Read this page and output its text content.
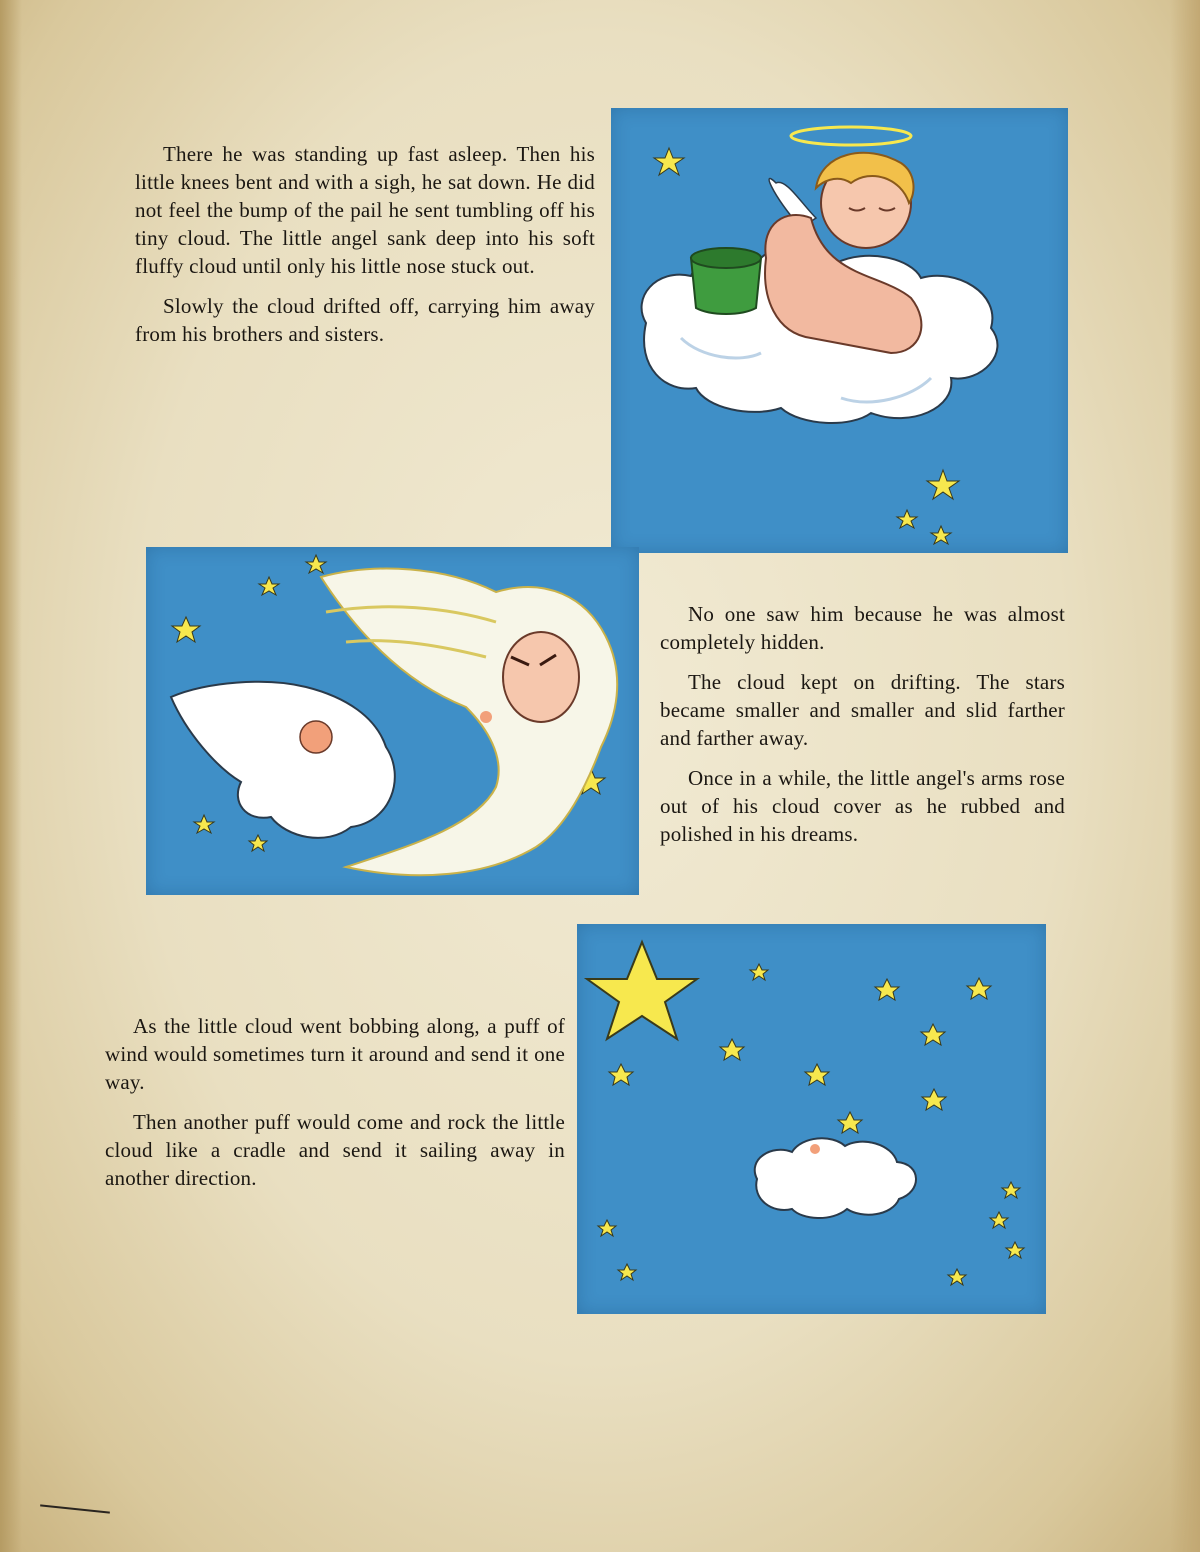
There he was standing up fast asleep. Then his little knees bent and with a sigh, he sat down. He did not feel the bump of the pail he sent tumbling off his tiny cloud. The little angel sank deep into his soft fluffy cloud until only his little nose stuck out.

Slowly the cloud drifted off, carrying him away from his brothers and sisters.

No one saw him because he was almost completely hidden.

The cloud kept on drifting. The stars became smaller and smaller and slid farther and farther away.

Once in a while, the little angel's arms rose out of his cloud cover as he rubbed and polished in his dreams.

As the little cloud went bobbing along, a puff of wind would sometimes turn it around and send it one way.

Then another puff would come and rock the little cloud like a cradle and send it sailing away in another direction.
